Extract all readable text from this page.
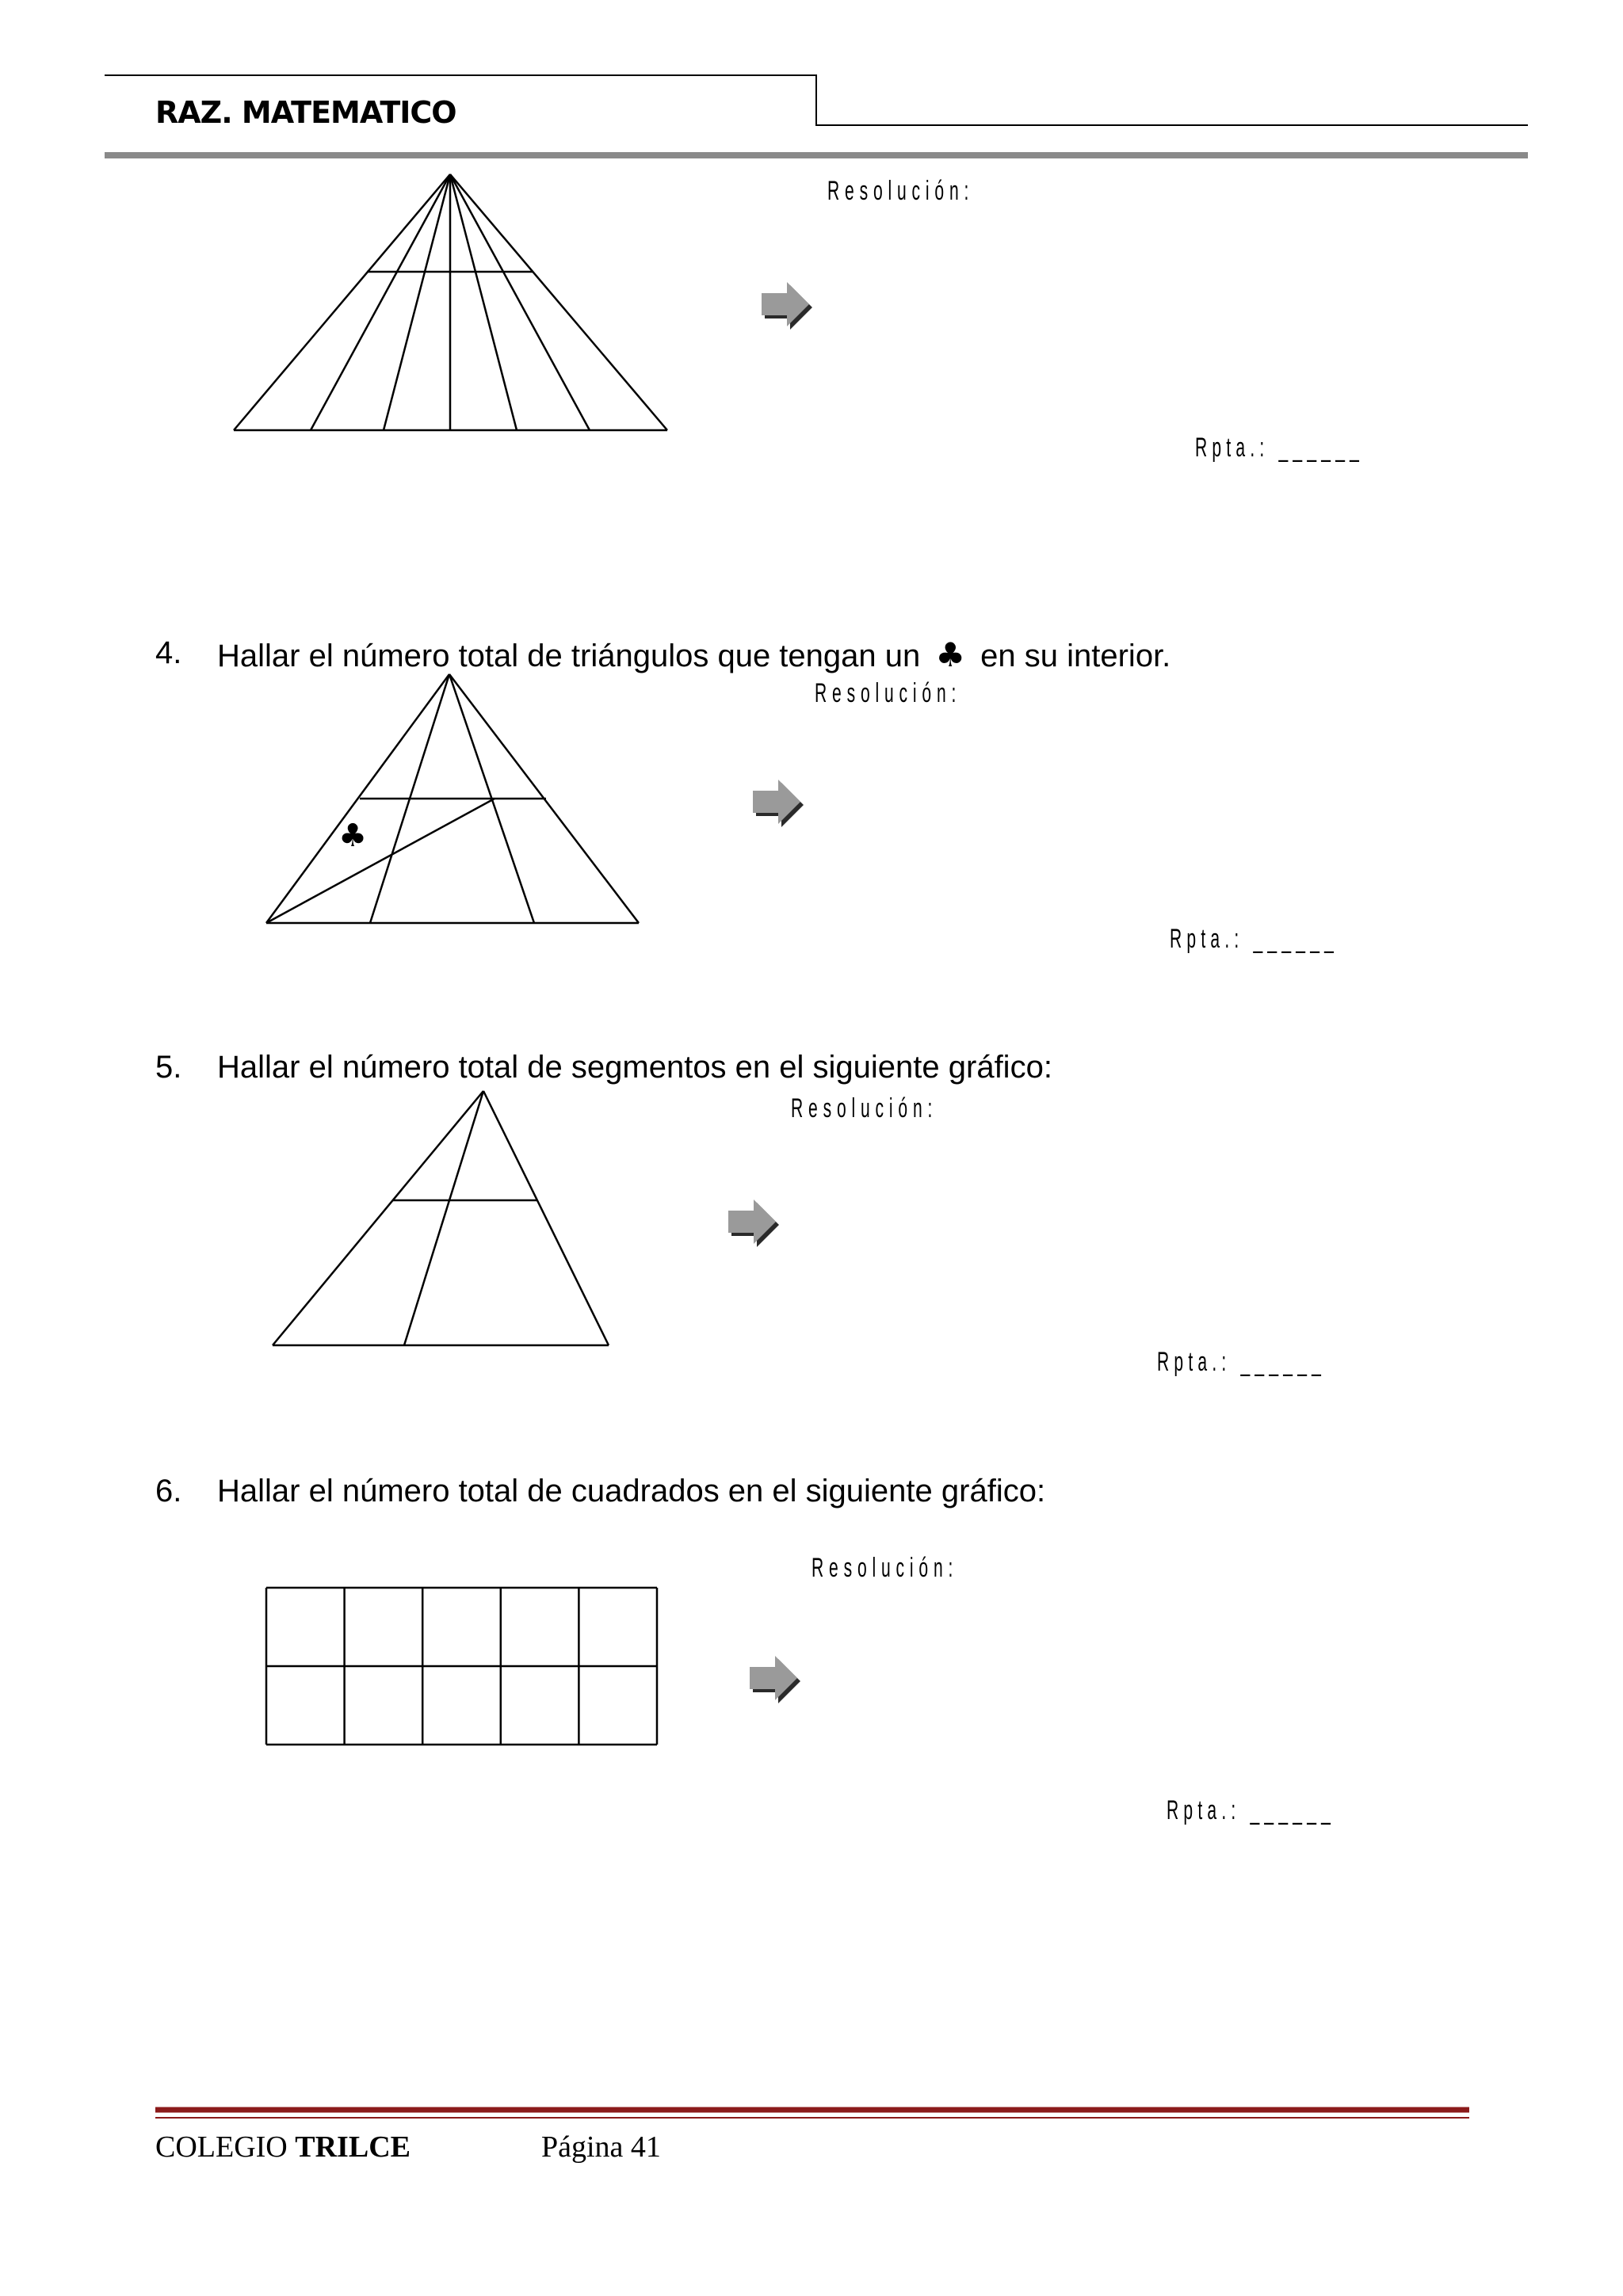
RAZ. MATEMATICO
Resolución:
Rpta.: ______
4. Hallar el número total de triángulos que tengan un ♣ en su interior.
♣
Resolución:
Rpta.: ______
5. Hallar el número total de segmentos en el siguiente gráfico:
Resolución:
Rpta.: ______
6. Hallar el número total de cuadrados en el siguiente gráfico:
Resolución:
Rpta.: ______
COLEGIO TRILCE	Página 41
